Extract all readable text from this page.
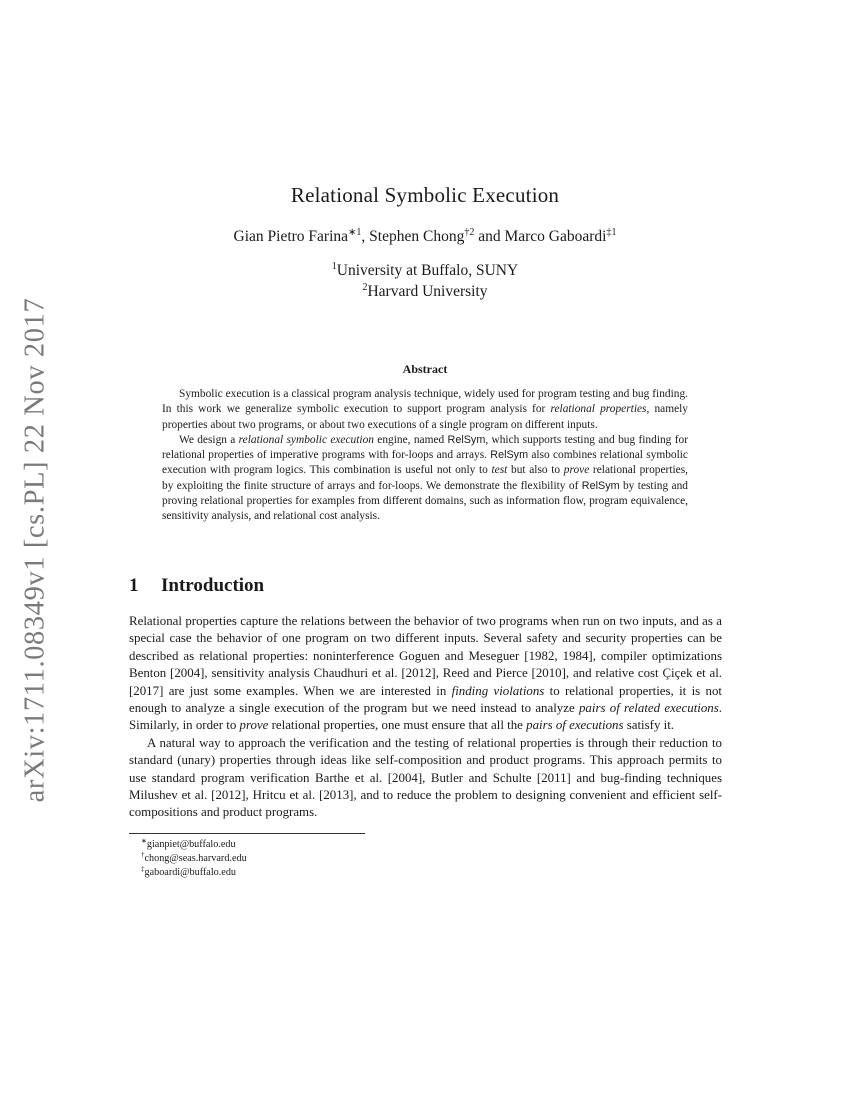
arXiv:1711.08349v1 [cs.PL] 22 Nov 2017
Relational Symbolic Execution
Gian Pietro Farina$^{∗1}$, Stephen Chong$^{\dagger 2}$ and Marco Gaboardi$^{\ddagger 1}$
$^1$University at Buffalo, SUNY
$^2$Harvard University
Abstract

Symbolic execution is a classical program analysis technique, widely used for program testing and bug finding. In this work we generalize symbolic execution to support program analysis for relational properties, namely properties about two programs, or about two executions of a single program on different inputs.

We design a relational symbolic execution engine, named RelSym, which supports testing and bug finding for relational properties of imperative programs with for-loops and arrays. RelSym also combines relational symbolic execution with program logics. This combination is useful not only to test but also to prove relational properties, by exploiting the finite structure of arrays and for-loops. We demonstrate the flexibility of RelSym by testing and proving relational properties for examples from different domains, such as information flow, program equivalence, sensitivity analysis, and relational cost analysis.

1 Introduction

Relational properties capture the relations between the behavior of two programs when run on two inputs, and as a special case the behavior of one program on two different inputs. Several safety and security properties can be described as relational properties: noninterference Goguen and Meseguer [1982, 1984], compiler optimizations Benton [2004], sensitivity analysis Chaudhuri et al. [2012], Reed and Pierce [2010], and relative cost Çiçek et al. [2017] are just some examples. When we are interested in finding violations to relational properties, it is not enough to analyze a single execution of the program but we need instead to analyze pairs of related executions. Similarly, in order to prove relational properties, one must ensure that all the pairs of executions satisfy it.

A natural way to approach the verification and the testing of relational properties is through their reduction to standard (unary) properties through ideas like self-composition and product programs. This approach permits to use standard program verification Barthe et al. [2004], Butler and Schulte [2011] and bug-finding techniques Milushev et al. [2012], Hritcu et al. [2013], and to reduce the problem to designing convenient and efficient self-compositions and product programs.

∗gianpiet@buffalo.edu
†chong@seas.harvard.edu
‡gaboardi@buffalo.edu
